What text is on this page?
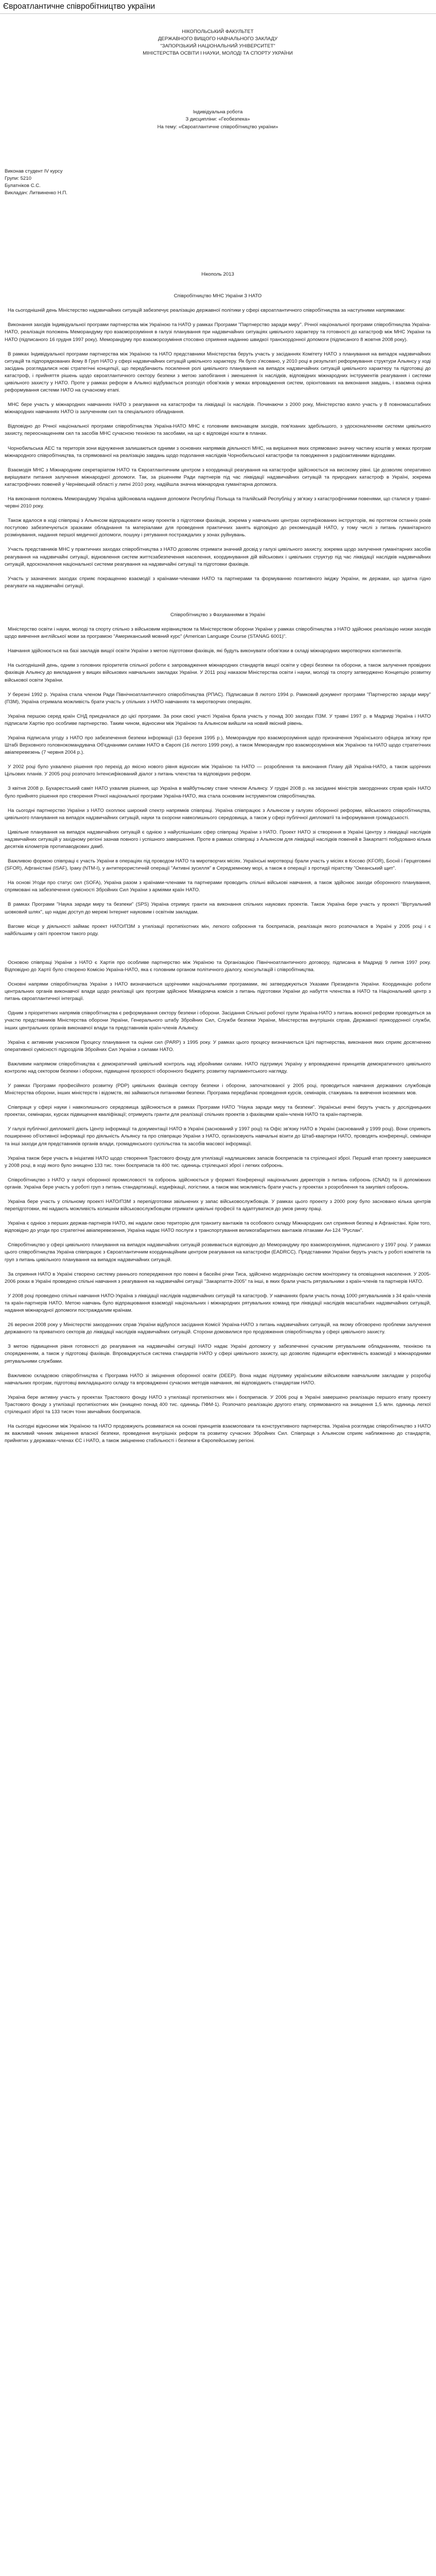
Євроатлантичне співробітництво україни

НІКОПОЛЬСЬКИЙ ФАКУЛЬТЕТ

ДЕРЖАВНОГО ВИЩОГО НАВЧАЛЬНОГО ЗАКЛАДУ

"ЗАПОРІЗЬКИЙ НАЦІОНАЛЬНИЙ УНІВЕРСИТЕТ"

МІНІСТЕРСТВА ОСВІТИ І НАУКИ, МОЛОДІ ТА СПОРТУ УКРАЇНИ

Індивідуальна робота

З дисципліни: «Геобезпека»

На тему: «Євроатлантичне співробітництво україни»

Виконав студент IV курсу

Групи: 5210

Булатніков С.С.

Викладач: Литвиненко Н.П.

Нікополь 2013

Співробітництво МНС України З НАТО

На сьогоднішній день Міністерство надзвичайних ситуацій забезпечує реалізацію державної політики у сфері євроатлантичного співробітництва за наступними напрямками:

Виконання заходів Індивідуальної програми партнерства між Україною та НАТО у рамках Програми "Партнерство заради миру". Річної національної програми співробітництва Україна-НАТО, реалізація положень Меморандуму про взаєморозуміння в галузі планування при надзвичайних ситуаціях цивільного характеру та готовності до катастроф між МНС України та НАТО (підписаного 16 грудня 1997 року). Меморандуму про взаєморозуміння стосовно сприяння наданню швидкої транскордонної допомоги (підписаного 8 жовтня 2008 року).

В рамках Індивідуальної програми партнерства між Україною та НАТО представники Міністерства беруть участь у засіданнях Комітету НАТО з планування на випадок надзвичайних ситуацій та підпорядкованих йому 8 Груп НАТО у сфері надзвичайних ситуацій цивільного характеру. Як було з'ясовано, у 2010 році в результаті реформування структури Альянсу у ході засідань розглядалися нові стратегічні концепції, що передбачають посилення ролі цивільного планування на випадок надзвичайних ситуацій цивільного характеру та підготовці до катастроф, і прийняття рішень щодо євроатлантичного сектору безпеки з метою запобігання і зменшення їх наслідків, відповідних міжнародних інструментів реагування і системи цивільного захисту у НАТО. Проте у рамках реформ в Альянсі відбувається розподіл обов'язків у межах впровадження систем, орієнтованих на виконання завдань, і взаємна оцінка реформування системи НАТО на сучасному етапі.

МНС бере участь у міжнародних навчаннях НАТО з реагування на катастрофи та ліквідації їх наслідків. Починаючи з 2000 року, Міністерство взяло участь у 8 повномасштабних міжнародних навчаннях НАТО із залученням сил та спеціального обладнання.

Відповідно до Річної національної програми співробітництва Україна-НАТО МНС є головним виконавцем заходів, пов'язаних здебільшого, з удосконаленням системи цивільного захисту, переоснащенням сил та засобів МНС сучасною технікою та засобами, на що є відповідні кошти в планах.

Чорнобильська АЕС та територія зони відчуження залишаються одними з основних напрямків діяльності МНС, на вирішення яких спрямовано значну частину коштів у межах програм міжнародного співробітництва, та спрямованої на реалізацію завдань щодо подолання наслідків Чорнобильської катастрофи та поводження з радіоактивними відходами.

Взаємодія МНС з Міжнародним секретаріатом НАТО та Євроатлантичним центром з координації реагування на катастрофи здійснюється на високому рівні. Це дозволяє оперативно вирішувати питання залучення міжнародної допомоги. Так, за рішенням Ради партнерів під час ліквідації надзвичайних ситуацій та природних катастроф в Україні, зокрема катастрофічних повеней у Чернівецькій області у липні 2010 року, надійшла значна міжнародна гуманітарна допомога.

На виконання положень Меморандуму Україна здійснювала надання допомоги Республіці Польща та Італійській Республіці у зв'язку з катастрофічними повенями, що сталися у травні-червні 2010 року.

Також вдалося в ході співпраці з Альянсом відпрацювати низку проектів з підготовки фахівців, зокрема у навчальних центрах сертифікованих інструкторів, які протягом останніх років поступово забезпечуються зразками обладнання та матеріалами для проведення практичних занять відповідно до рекомендацій НАТО, у тому числі з питань гуманітарного розмінування, надання першої медичної допомоги, пошуку і рятування постраждалих у зонах руйнувань.

Участь представників МНС у практичних заходах співробітництва з НАТО дозволяє отримати значний досвід у галузі цивільного захисту, зокрема щодо залучення гуманітарних засобів реагування на надзвичайні ситуації, відновлення систем життєзабезпечення населення, координування дій військових і цивільних структур під час ліквідації наслідків надзвичайних ситуацій, вдосконалення національної системи реагування на надзвичайні ситуації та підготовки фахівців.

Участь у зазначених заходах сприяє покращенню взаємодії з країнами-членами НАТО та партнерами та формуванню позитивного іміджу України, як держави, що здатна гідно реагувати на надзвичайні ситуації.

Співробітництво з Фахуваннями в Україні

Міністерство освіти і науки, молоді та спорту спільно з військовим керівництвом та Міністерством оборони України у рамках співробітництва з НАТО здійснює реалізацію низки заходів щодо вивчення англійської мови за програмою "Американський мовний курс" (American Language Course (STANAG 6001)".

Навчання здійснюється на базі закладів вищої освіти України з метою підготовки фахівців, які будуть виконувати обов'язки в складі міжнародних миротворчих контингентів.

На сьогоднішній день, одним з головних пріоритетів спільної роботи є запровадження міжнародних стандартів вищої освіти у сфері безпеки та оборони, а також залучення провідних фахівців Альянсу до викладання у вищих військових навчальних закладах України. У 2011 році наказом Міністерства освіти і науки, молоді та спорту затверджено Концепцію розвитку військової освіти України.

У березні 1992 р. Україна стала членом Ради Північноатлантичного співробітництва (РПАС). Підписавши 8 лютого 1994 р. Рамковий документ програми "Партнерство заради миру" (ПЗМ), Україна отримала можливість брати участь у спільних з НАТО навчаннях та миротворчих операціях.

Україна першою серед країн СНД приєдналася до цієї програми. За роки своєї участі Україна брала участь у понад 300 заходах ПЗМ. У травні 1997 р. в Мадриді Україна і НАТО підписали Хартію про особливе партнерство. Таким чином, відносини між Україною та Альянсом вийшли на новий якісний рівень.

Україна підписала угоду з НАТО про забезпечення безпеки інформації (13 березня 1995 р.), Меморандум про взаєморозуміння щодо призначення Українського офіцера зв'язку при Штабі Верховного головнокомандувача Об'єднаними силами НАТО в Європі (16 лютого 1999 року), а також Меморандум про взаєморозуміння між Україною та НАТО щодо стратегічних авіаперевезень (7 червня 2004 р.).

У 2002 році було ухвалено рішення про перехід до якісно нового рівня відносин між Україною та НАТО — розроблення та виконання Плану дій Україна-НАТО, а також щорічних Цільових планів. У 2005 році розпочато Інтенсифікований діалог з питань членства та відповідних реформ.

З квітня 2008 р. Бухарестський саміт НАТО ухвалив рішення, що Україна в майбутньому стане членом Альянсу. У грудні 2008 р. на засіданні міністрів закордонних справ країн НАТО було прийнято рішення про створення Річної національної програми Україна-НАТО, яка стала основним інструментом співробітництва.

На сьогодні партнерство України з НАТО охоплює широкий спектр напрямків співпраці. Україна співпрацює з Альянсом у галузях оборонної реформи, військового співробітництва, цивільного планування на випадок надзвичайних ситуацій, науки та охорони навколишнього середовища, а також у сфері публічної дипломатії та інформування громадськості.

Цивільне планування на випадок надзвичайних ситуацій є однією з найуспішніших сфер співпраці України з НАТО. Проект НАТО зі створення в Україні Центру з ліквідації наслідків надзвичайних ситуацій у західному регіоні зазнав повного і успішного завершення. Проте в рамках співпраці з Альянсом для ліквідації наслідків повеней в Закарпатті побудовано кілька десятків кілометрів протипаводкових дамб.

Важливою формою співпраці є участь України в операціях під проводом НАТО та миротворчих місіях. Українські миротворці брали участь у місіях в Косово (KFOR), Боснії і Герцеговині (SFOR), Афганістані (ISAF), Іраку (NTM-I), у антитерористичній операції "Активні зусилля" в Середземному морі, а також в операції з протидії піратству "Океанський щит".

На основі Угоди про статус сил (SOFA), Україна разом з країнами-членами та партнерами проводить спільні військові навчання, а також здійснює заходи оборонного планування, спрямовані на забезпечення сумісності Збройних Сил України з арміями країн НАТО.

В рамках Програми "Наука заради миру та безпеки" (SPS) Україна отримує гранти на виконання спільних наукових проектів. Також Україна бере участь у проекті "Віртуальний шовковий шлях", що надає доступ до мережі Інтернет науковим і освітнім закладам.

Вагоме місце у діяльності займає проект НАТО/ПЗМ з утилізації протипіхотних мін, легкого озброєння та боєприпасів, реалізація якого розпочалася в Україні у 2005 році і є найбільшим у світі проектом такого роду.

Основою співпраці України з НАТО є Хартія про особливе партнерство між Україною та Організацією Північноатлантичного договору, підписана в Мадриді 9 липня 1997 року. Відповідно до Хартії було створено Комісію Україна-НАТО, яка є головним органом політичного діалогу, консультацій і співробітництва.

Основні напрями співробітництва України з НАТО визначаються щорічними національними програмами, які затверджуються Указами Президента України. Координацію роботи центральних органів виконавчої влади щодо реалізації цих програм здійснює Міжвідомча комісія з питань підготовки України до набуття членства в НАТО та Національний центр з питань євроатлантичної інтеграції.

Одним з пріоритетних напрямів співробітництва є реформування сектору безпеки і оборони. Засідання Спільної робочої групи Україна-НАТО з питань воєнної реформи проводяться за участю представників Міністерства оборони України, Генерального штабу Збройних Сил, Служби безпеки України, Міністерства внутрішніх справ, Державної прикордонної служби, інших центральних органів виконавчої влади та представників країн-членів Альянсу.

Україна є активним учасником Процесу планування та оцінки сил (PARP) з 1995 року. У рамках цього процесу визначаються Цілі партнерства, виконання яких сприяє досягненню оперативної сумісності підрозділів Збройних Сил України з силами НАТО.

Важливим напрямом співробітництва є демократичний цивільний контроль над збройними силами. НАТО підтримує Україну у впровадженні принципів демократичного цивільного контролю над сектором безпеки і оборони, підвищенні прозорості оборонного бюджету, розвитку парламентського нагляду.

У рамках Програми професійного розвитку (PDP) цивільних фахівців сектору безпеки і оборони, започаткованої у 2005 році, проводиться навчання державних службовців Міністерства оборони, інших міністерств і відомств, які займаються питаннями безпеки. Програма передбачає проведення курсів, семінарів, стажувань та вивчення іноземних мов.

Співпраця у сфері науки і навколишнього середовища здійснюється в рамках Програми НАТО "Наука заради миру та безпеки". Українські вчені беруть участь у дослідницьких проектах, семінарах, курсах підвищення кваліфікації; отримують гранти для реалізації спільних проектів з фахівцями країн-членів НАТО та країн-партнерів.

У галузі публічної дипломатії діють Центр інформації та документації НАТО в Україні (заснований у 1997 році) та Офіс зв'язку НАТО в Україні (заснований у 1999 році). Вони сприяють поширенню об'єктивної інформації про діяльність Альянсу та про співпрацю України з НАТО, організовують навчальні візити до Штаб-квартири НАТО, проводять конференції, семінари та інші заходи для представників органів влади, громадянського суспільства та засобів масової інформації.

Україна також бере участь в ініціативі НАТО щодо створення Трастового фонду для утилізації надлишкових запасів боєприпасів та стрілецької зброї. Перший етап проекту завершився у 2008 році, в ході якого було знищено 133 тис. тонн боєприпасів та 400 тис. одиниць стрілецької зброї і легких озброєнь.

Співробітництво з НАТО у галузі оборонної промисловості та озброєнь здійснюється у форматі Конференції національних директорів з питань озброєнь (CNAD) та її допоміжних органів. Україна бере участь у роботі груп з питань стандартизації, кодифікації, логістики, а також має можливість брати участь у проектах з розроблення та закупівлі озброєнь.

Україна бере участь у спільному проекті НАТО/ПЗМ з перепідготовки звільнених у запас військовослужбовців. У рамках цього проекту з 2000 року було засновано кілька центрів перепідготовки, які надають можливість колишнім військовослужбовцям отримати цивільні професії та адаптуватися до умов ринку праці.

Україна є однією з перших держав-партнерів НАТО, які надали свою територію для транзиту вантажів та особового складу Міжнародних сил сприяння безпеці в Афганістані. Крім того, відповідно до угоди про стратегічні авіаперевезення, Україна надає НАТО послуги з транспортування великогабаритних вантажів літаками Ан-124 "Руслан".

Співробітництво у сфері цивільного планування на випадок надзвичайних ситуацій розвивається відповідно до Меморандуму про взаєморозуміння, підписаного у 1997 році. У рамках цього співробітництва Україна співпрацює з Євроатлантичним координаційним центром реагування на катастрофи (EADRCC). Представники України беруть участь у роботі комітетів та груп з питань цивільного планування на випадок надзвичайних ситуацій.

За сприяння НАТО в Україні створено систему раннього попередження про повені в басейні річки Тиса, здійснено модернізацію систем моніторингу та оповіщення населення. У 2005-2006 роках в Україні проведено спільні навчання з реагування на надзвичайні ситуації "Закарпаття-2005" та інші, в яких брали участь рятувальники з країн-членів та партнерів НАТО.

У 2008 році проведено спільні навчання НАТО-Україна з ліквідації наслідків надзвичайних ситуацій та катастроф. У навчаннях брали участь понад 1000 рятувальників з 34 країн-членів та країн-партнерів НАТО. Метою навчань було відпрацювання взаємодії національних і міжнародних рятувальних команд при ліквідації наслідків масштабних надзвичайних ситуацій, надання міжнародної допомоги постраждалим країнам.

26 вересня 2008 року у Міністерстві закордонних справ України відбулося засідання Комісії Україна-НАТО з питань надзвичайних ситуацій, на якому обговорено проблеми залучення державного та приватного секторів до ліквідації наслідків надзвичайних ситуацій. Сторони домовилися про продовження співробітництва у сфері цивільного захисту.

З метою підвищення рівня готовності до реагування на надзвичайні ситуації НАТО надає Україні допомогу у забезпеченні сучасним рятувальним обладнанням, технікою та спорядженням, а також у підготовці фахівців. Впроваджується система стандартів НАТО у сфері цивільного захисту, що дозволяє підвищити ефективність взаємодії з міжнародними рятувальними службами.

Важливою складовою співробітництва є Програма НАТО зі зміцнення оборонної освіти (DEEP). Вона надає підтримку українським військовим навчальним закладам у розробці навчальних програм, підготовці викладацького складу та впровадженні сучасних методів навчання, які відповідають стандартам НАТО.

Україна бере активну участь у проектах Трастового фонду НАТО з утилізації протипіхотних мін і боєприпасів. У 2006 році в Україні завершено реалізацію першого етапу проекту Трастового фонду з утилізації протипіхотних мін (знищено понад 400 тис. одиниць ПФМ-1). Розпочато реалізацію другого етапу, спрямованого на знищення 1,5 млн. одиниць легкої стрілецької зброї та 133 тисяч тонн звичайних боєприпасів.

На сьогодні відносини між Україною та НАТО продовжують розвиватися на основі принципів взаємоповаги та конструктивного партнерства. Україна розглядає співробітництво з НАТО як важливий чинник зміцнення власної безпеки, проведення внутрішніх реформ та розвитку сучасних Збройних Сил. Співпраця з Альянсом сприяє наближенню до стандартів, прийнятих у державах-членах ЄС і НАТО, а також зміцненню стабільності і безпеки в Європейському регіоні.
